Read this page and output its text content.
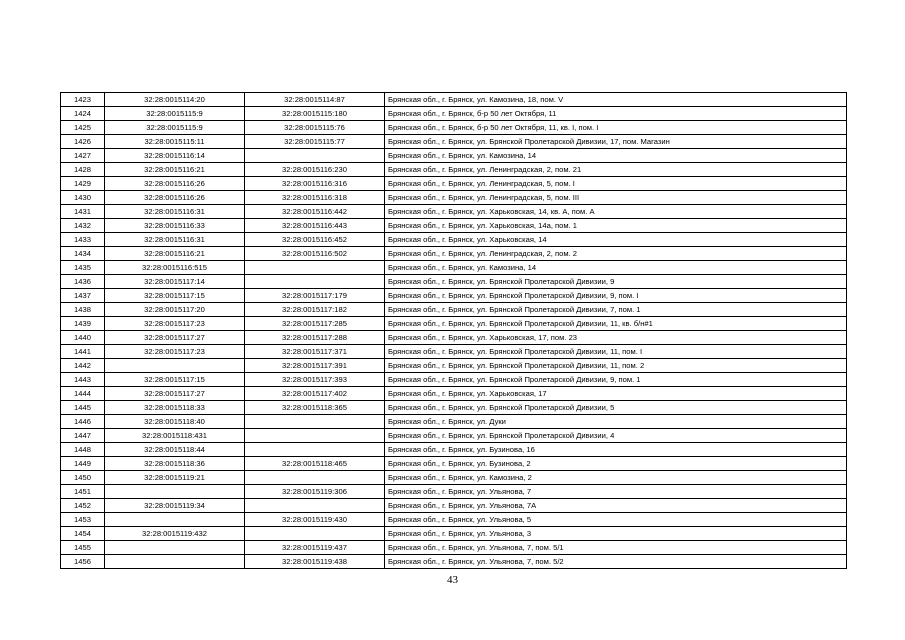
1423	32:28:0015114:20	32:28:0015114:87	Брянская обл., г. Брянск, ул. Камозина, 18, пом. V
1424	32:28:0015115:9	32:28:0015115:180	Брянская обл., г. Брянск, б-р 50 лет Октября, 11
1425	32:28:0015115:9	32:28:0015115:76	Брянская обл., г. Брянск, б-р 50 лет Октября, 11, кв. I, пом. I
1426	32:28:0015115:11	32:28:0015115:77	Брянская обл., г. Брянск, ул. Брянской Пролетарской Дивизии, 17, пом. Магазин
1427	32:28:0015116:14		Брянская обл., г. Брянск, ул. Камозина, 14
1428	32:28:0015116:21	32:28:0015116:230	Брянская обл., г. Брянск, ул. Ленинградская, 2, пом. 21
1429	32:28:0015116:26	32:28:0015116:316	Брянская обл., г. Брянск, ул. Ленинградская, 5, пом. I
1430	32:28:0015116:26	32:28:0015116:318	Брянская обл., г. Брянск, ул. Ленинградская, 5, пом. III
1431	32:28:0015116:31	32:28:0015116:442	Брянская обл., г. Брянск, ул. Харьковская, 14, кв. А, пом. А
1432	32:28:0015116:33	32:28:0015116:443	Брянская обл., г. Брянск, ул. Харьковская, 14а, пом. 1
1433	32:28:0015116:31	32:28:0015116:452	Брянская обл., г. Брянск, ул. Харьковская, 14
1434	32:28:0015116:21	32:28:0015116:502	Брянская обл., г. Брянск, ул. Ленинградская, 2, пом. 2
1435	32:28:0015116:515		Брянская обл., г. Брянск, ул. Камозина, 14
1436	32:28:0015117:14		Брянская обл., г. Брянск, ул. Брянской Пролетарской Дивизии, 9
1437	32:28:0015117:15	32:28:0015117:179	Брянская обл., г. Брянск, ул. Брянской Пролетарской Дивизии, 9, пом. I
1438	32:28:0015117:20	32:28:0015117:182	Брянская обл., г. Брянск, ул. Брянской Пролетарской Дивизии, 7, пом. 1
1439	32:28:0015117:23	32:28:0015117:285	Брянская обл., г. Брянск, ул. Брянской Пролетарской Дивизии, 11, кв. б/н#1
1440	32:28:0015117:27	32:28:0015117:288	Брянская обл., г. Брянск, ул. Харьковская, 17, пом. 23
1441	32:28:0015117:23	32:28:0015117:371	Брянская обл., г. Брянск, ул. Брянской Пролетарской Дивизии, 11, пом. I
1442		32:28:0015117:391	Брянская обл., г. Брянск, ул. Брянской Пролетарской Дивизии, 11, пом. 2
1443	32:28:0015117:15	32:28:0015117:393	Брянская обл., г. Брянск, ул. Брянской Пролетарской Дивизии, 9, пом. 1
1444	32:28:0015117:27	32:28:0015117:402	Брянская обл., г. Брянск, ул. Харьковская, 17
1445	32:28:0015118:33	32:28:0015118:365	Брянская обл., г. Брянск, ул. Брянской Пролетарской Дивизии, 5
1446	32:28:0015118:40		Брянская обл., г. Брянск, ул. Дуки
1447	32:28:0015118:431		Брянская обл., г. Брянск, ул. Брянской Пролетарской Дивизии, 4
1448	32:28:0015118:44		Брянская обл., г. Брянск, ул. Бузинова, 16
1449	32:28:0015118:36	32:28:0015118:465	Брянская обл., г. Брянск, ул. Бузинова, 2
1450	32:28:0015119:21		Брянская обл., г. Брянск, ул. Камозина, 2
1451		32:28:0015119:306	Брянская обл., г. Брянск, ул. Ульянова, 7
1452	32:28:0015119:34		Брянская обл., г. Брянск, ул. Ульянова, 7А
1453		32:28:0015119:430	Брянская обл., г. Брянск, ул. Ульянова, 5
1454	32:28:0015119:432		Брянская обл., г. Брянск, ул. Ульянова, 3
1455		32:28:0015119:437	Брянская обл., г. Брянск, ул. Ульянова, 7, пом. 5/1
1456		32:28:0015119:438	Брянская обл., г. Брянск, ул. Ульянова, 7, пом. 5/2
43
